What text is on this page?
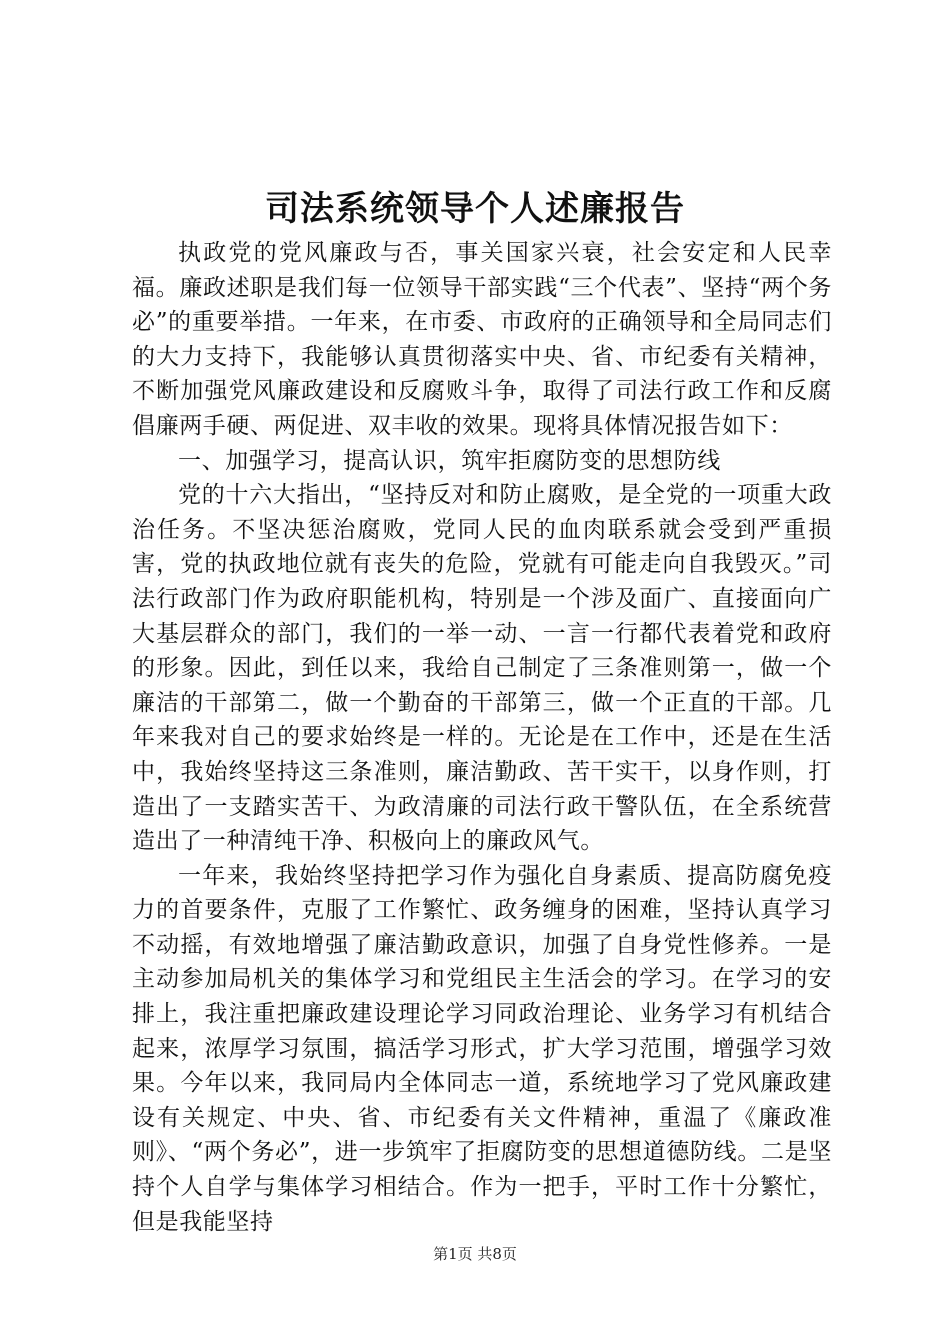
司法系统领导个人述廉报告

执政党的党风廉政与否，事关国家兴衰，社会安定和人民幸福。廉政述职是我们每一位领导干部实践“三个代表”、坚持“两个务必”的重要举措。一年来，在市委、市政府的正确领导和全局同志们的大力支持下，我能够认真贯彻落实中央、省、市纪委有关精神，不断加强党风廉政建设和反腐败斗争，取得了司法行政工作和反腐倡廉两手硬、两促进、双丰收的效果。现将具体情况报告如下：

一、加强学习，提高认识，筑牢拒腐防变的思想防线

党的十六大指出，“坚持反对和防止腐败，是全党的一项重大政治任务。不坚决惩治腐败，党同人民的血肉联系就会受到严重损害，党的执政地位就有丧失的危险，党就有可能走向自我毁灭。”司法行政部门作为政府职能机构，特别是一个涉及面广、直接面向广大基层群众的部门，我们的一举一动、一言一行都代表着党和政府的形象。因此，到任以来，我给自己制定了三条准则第一，做一个廉洁的干部第二，做一个勤奋的干部第三，做一个正直的干部。几年来我对自己的要求始终是一样的。无论是在工作中，还是在生活中，我始终坚持这三条准则，廉洁勤政、苦干实干，以身作则，打造出了一支踏实苦干、为政清廉的司法行政干警队伍，在全系统营造出了一种清纯干净、积极向上的廉政风气。

一年来，我始终坚持把学习作为强化自身素质、提高防腐免疫力的首要条件，克服了工作繁忙、政务缠身的困难，坚持认真学习不动摇，有效地增强了廉洁勤政意识，加强了自身党性修养。一是主动参加局机关的集体学习和党组民主生活会的学习。在学习的安排上，我注重把廉政建设理论学习同政治理论、业务学习有机结合起来，浓厚学习氛围，搞活学习形式，扩大学习范围，增强学习效果。今年以来，我同局内全体同志一道，系统地学习了党风廉政建设有关规定、中央、省、市纪委有关文件精神，重温了《廉政准则》、“两个务必”，进一步筑牢了拒腐防变的思想道德防线。二是坚持个人自学与集体学习相结合。作为一把手，平时工作十分繁忙，但是我能坚持

第1页 共8页
